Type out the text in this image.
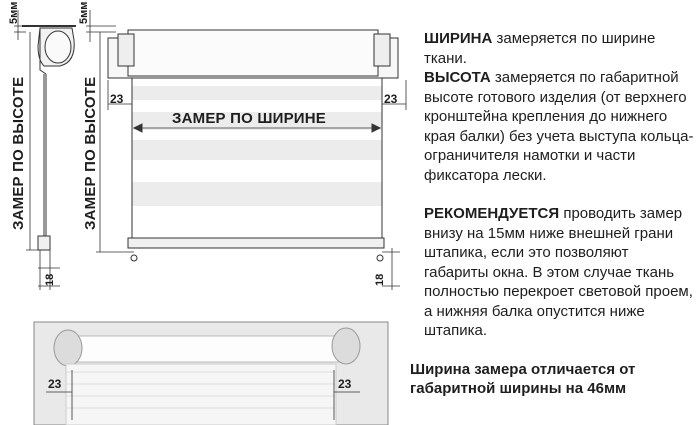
5мм	5мм
ЗАМЕР ПО ВЫСОТЕ	ЗАМЕР ПО ВЫСОТЕ	ЗАМЕР ПО ШИРИНЕ
23	23
23	23
18	18

ШИРИНА замеряется по ширине ткани.

ВЫСОТА замеряется по габаритной высоте готового изделия (от верхнего кронштейна крепления до нижнего края балки) без учета выступа кольца-ограничителя намотки и части фиксатора лески.

РЕКОМЕНДУЕТСЯ проводить замер внизу на 15мм ниже внешней грани штапика, если это позволяют габариты окна. В этом случае ткань полностью перекроет световой проем, а нижняя балка опустится ниже штапика.

Ширина замера отличается от габаритной ширины на 46мм
